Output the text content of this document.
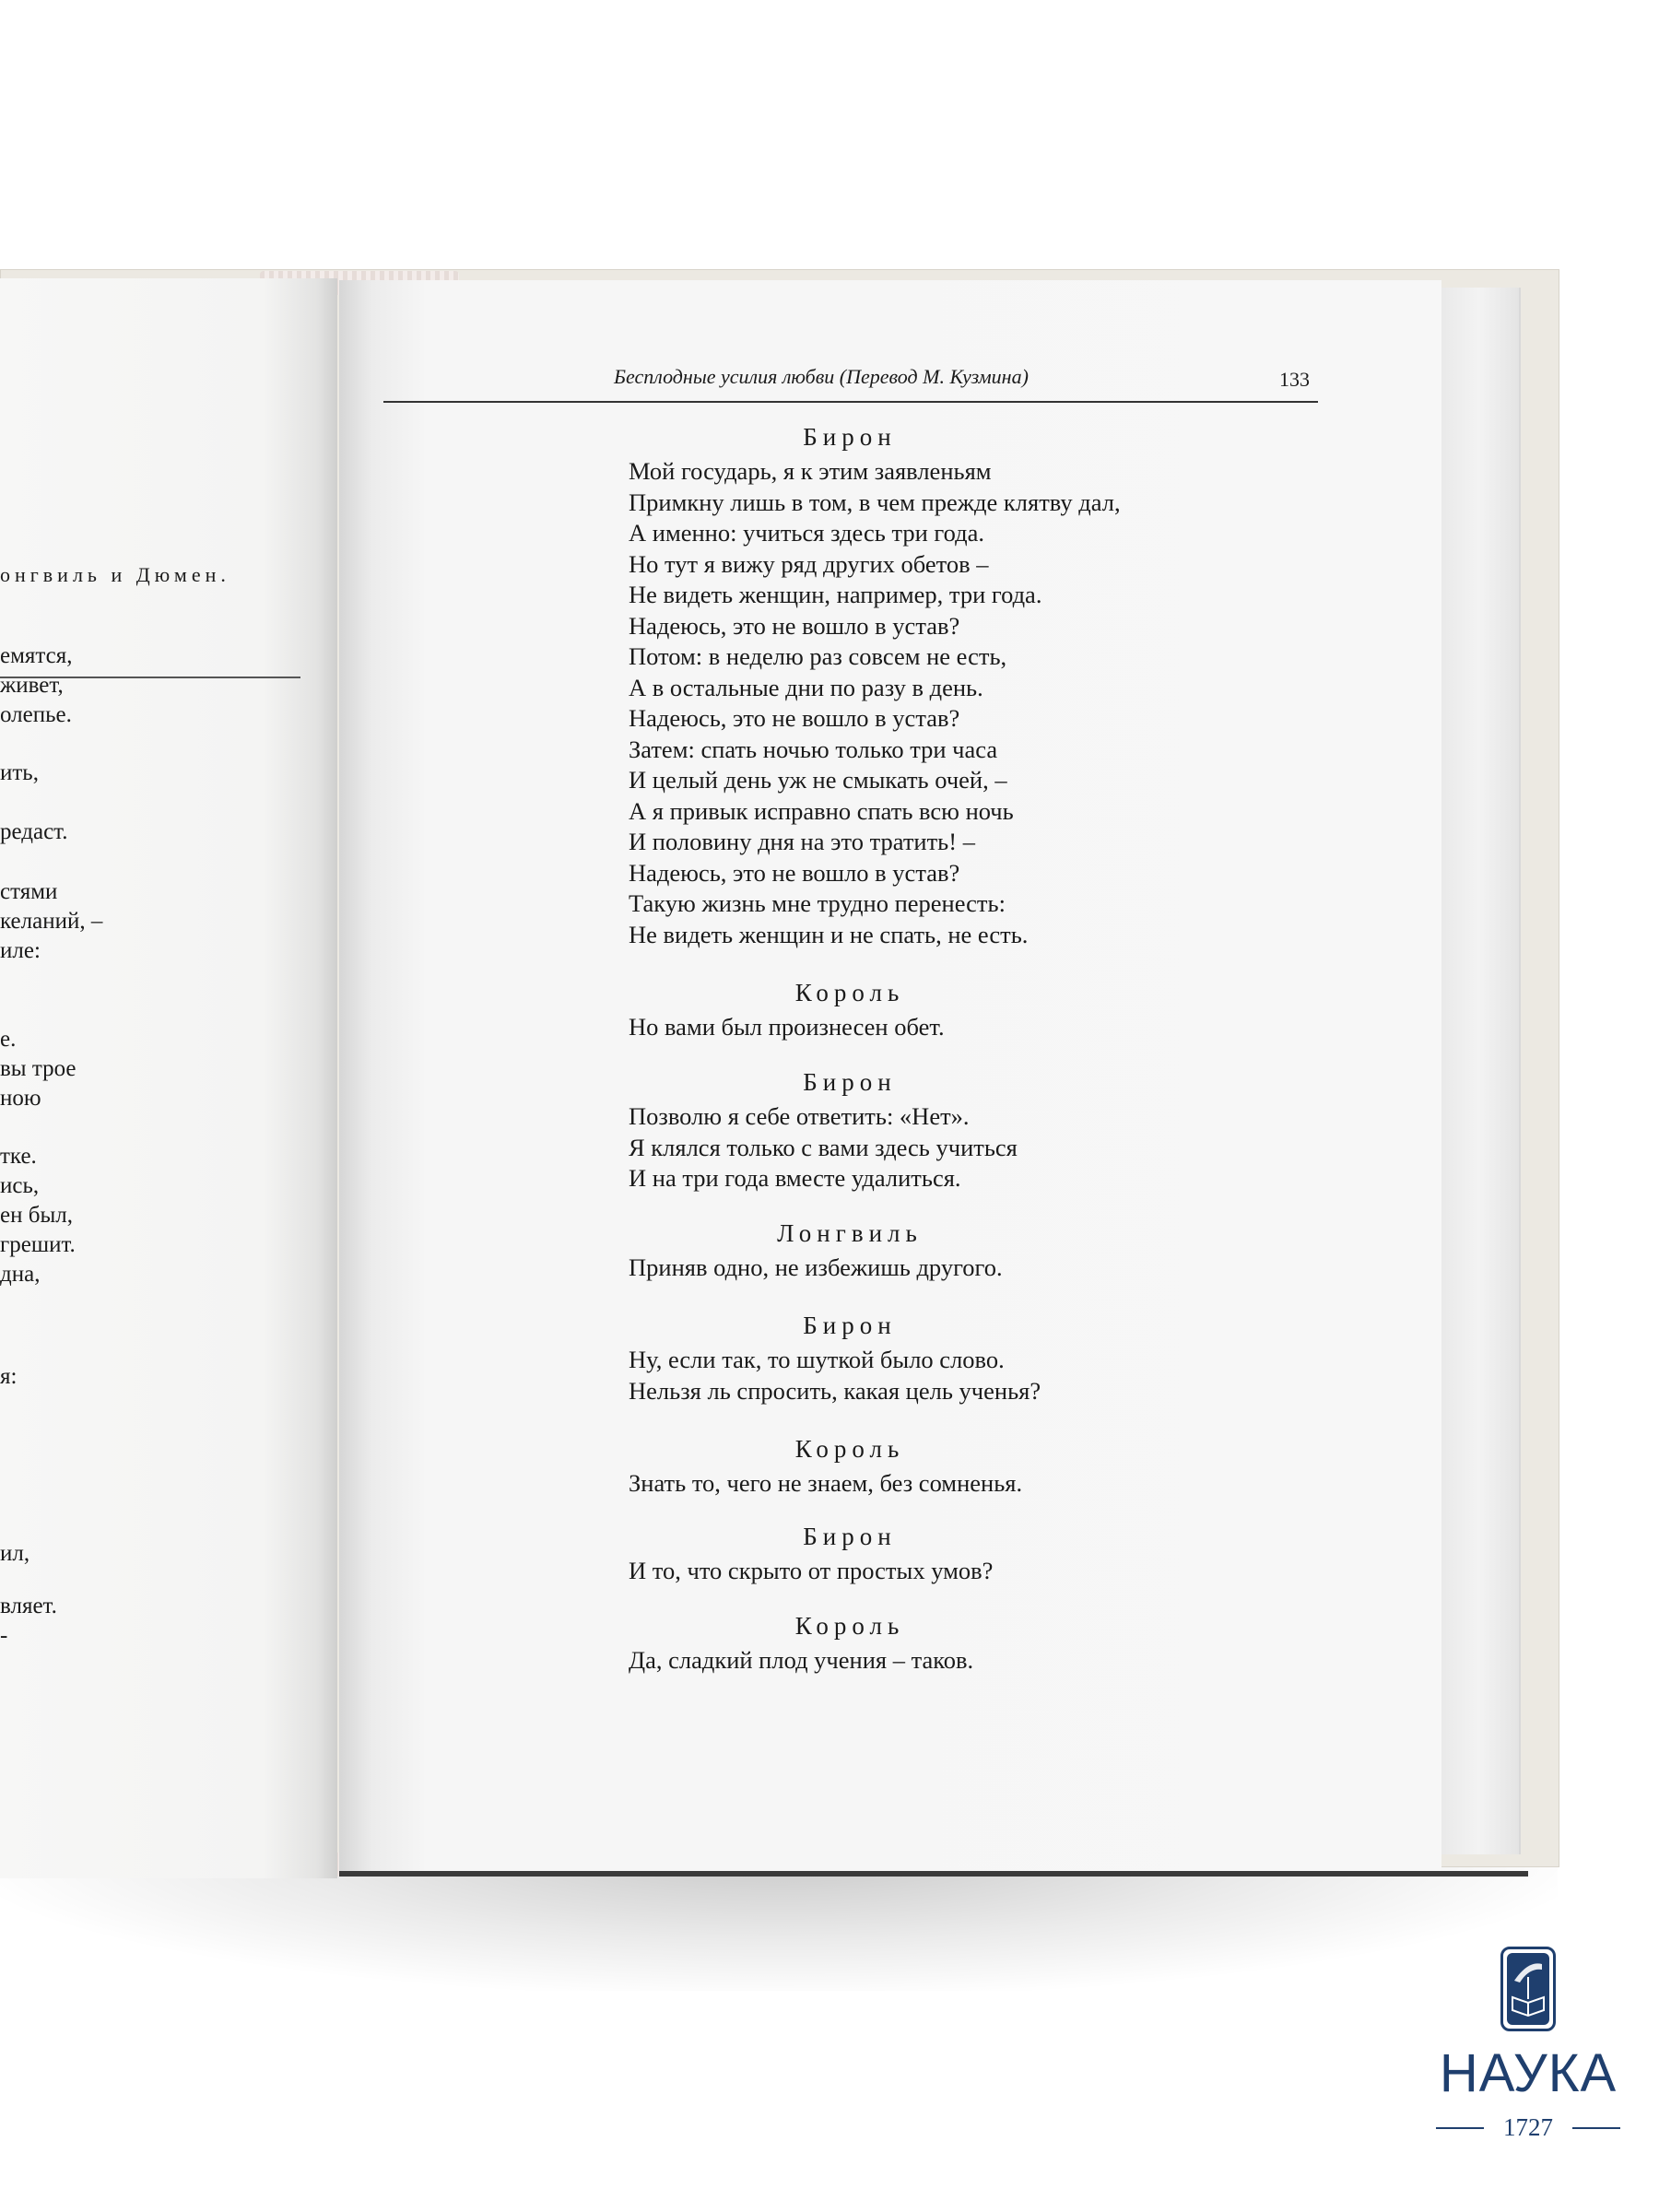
онгвиль и Дюмен.
емятся,
живет,
олепье.
ить,
редаст.
стями
келаний, –
иле:
е.
вы трое
ною
тке.
ись,
ен был,
грешит.
дна,
я:
ил,
вляет.
-
Бесплодные усилия любви (Перевод М. Кузмина)	133
Бирон
Мой государь, я к этим заявленьям
Примкну лишь в том, в чем прежде клятву дал,
А именно: учиться здесь три года.
Но тут я вижу ряд других обетов –
Не видеть женщин, например, три года.
Надеюсь, это не вошло в устав?
Потом: в неделю раз совсем не есть,
А в остальные дни по разу в день.
Надеюсь, это не вошло в устав?
Затем: спать ночью только три часа
И целый день уж не смыкать очей, –
А я привык исправно спать всю ночь
И половину дня на это тратить! –
Надеюсь, это не вошло в устав?
Такую жизнь мне трудно перенесть:
Не видеть женщин и не спать, не есть.
Король
Но вами был произнесен обет.
Бирон
Позволю я себе ответить: «Нет».
Я клялся только с вами здесь учиться
И на три года вместе удалиться.
Лонгвиль
Приняв одно, не избежишь другого.
Бирон
Ну, если так, то шуткой было слово.
Нельзя ль спросить, какая цель ученья?
Король
Знать то, чего не знаем, без сомненья.
Бирон
И то, что скрыто от простых умов?
Король
Да, сладкий плод учения – таков.
НАУКА
1727
